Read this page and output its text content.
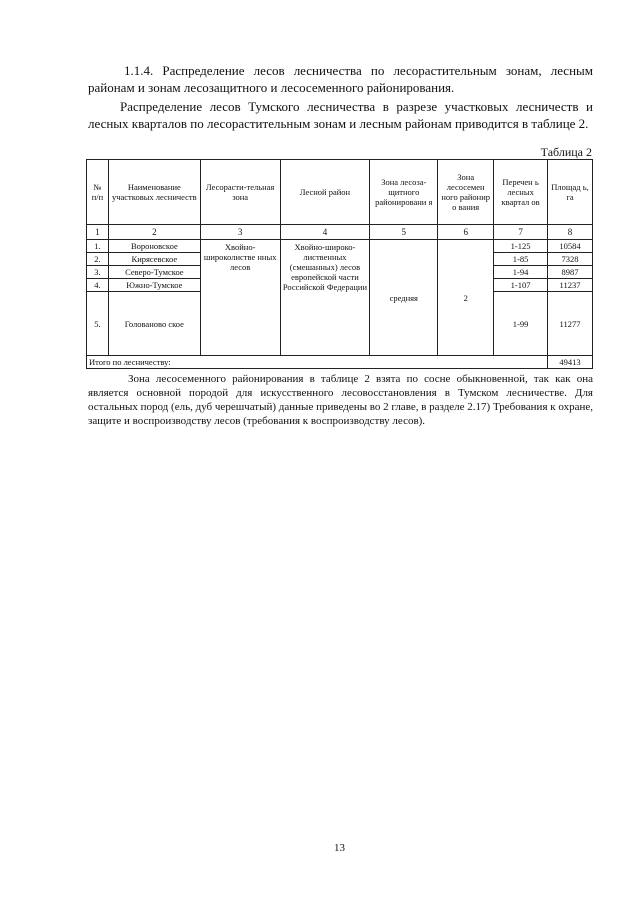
1.1.4. Распределение лесов лесничества по лесорастительным зонам, лесным районам и зонам лесозащитного и лесосеменного районирования.

Распределение лесов Тумского лесничества в разрезе участковых лесничеств и лесных кварталов по лесорастительным зонам и лесным районам приводится в таблице 2.

Таблица 2
№ п/п	Наименование участковых лесничеств	Лесорасти-тельная зона	Лесной район	Зона лесоза-щитного районировани я	Зона лесосемен ного районир о вания	Перечен ь лесных квартал ов	Площад ь, га
1	2	3	4	5	6	7	8
1.	Вороновское	Хвойно-широколистве нных лесов	Хвойно-широко-лиственных (смешанных) лесов европейской части Российской Федерации	средняя	2	1-125	10584
2.	Кирясевское					1-85	7328
3.	Северо-Тумское					1-94	8987
4.	Южно-Тумское					1-107	11237
5.	Голованово ское					1-99	11277
Итого по лесничеству:							49413

Зона лесосеменного районирования в таблице 2 взята по сосне обыкновенной, так как она является основной породой для искусственного лесовосстановления в Тумском лесничестве. Для остальных пород (ель, дуб черешчатый) данные приведены во 2 главе, в разделе 2.17) Требования к охране, защите и воспроизводству лесов (требования к воспроизводству лесов).

13
